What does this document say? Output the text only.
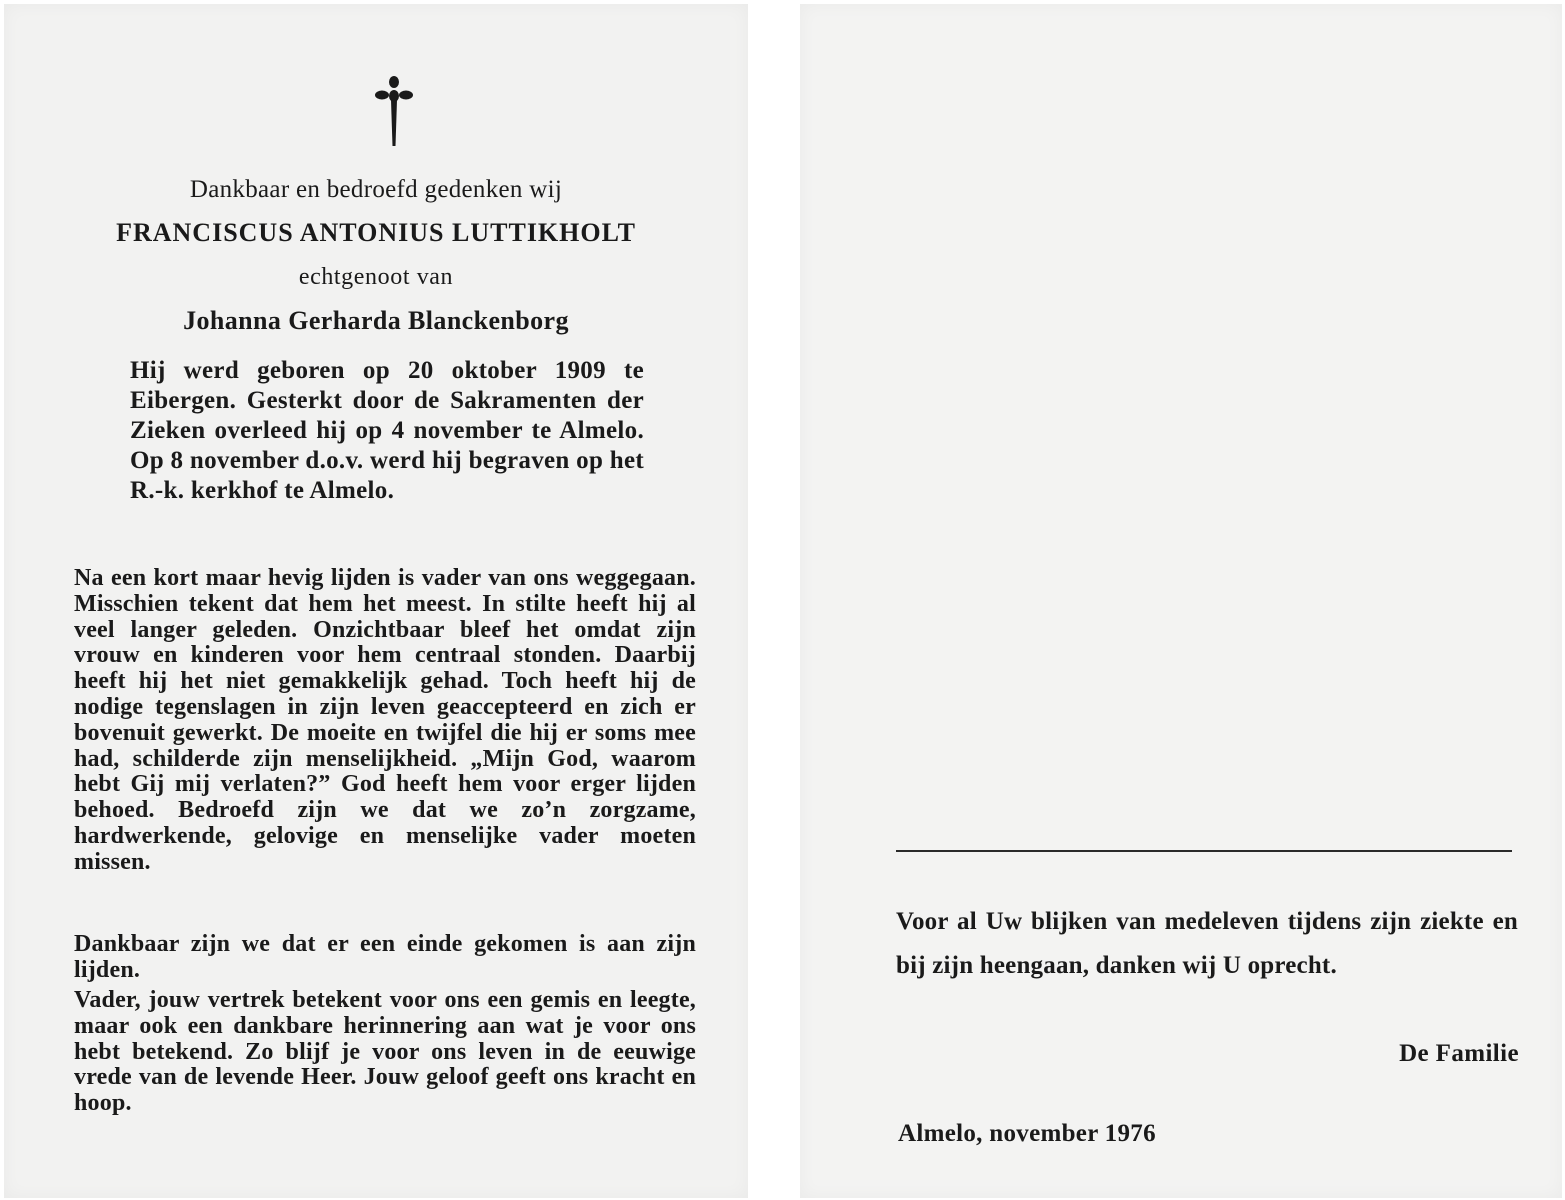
Dankbaar en bedroefd gedenken wij
FRANCISCUS ANTONIUS LUTTIKHOLT
echtgenoot van
Johanna Gerharda Blanckenborg
Hij werd geboren op 20 oktober 1909 te Eibergen. Gesterkt door de Sakramenten der Zieken overleed hij op 4 november te Almelo. Op 8 november d.o.v. werd hij begraven op het R.-k. kerkhof te Almelo.
Na een kort maar hevig lijden is vader van ons weggegaan. Misschien tekent dat hem het meest. In stilte heeft hij al veel langer geleden. Onzichtbaar bleef het omdat zijn vrouw en kinderen voor hem centraal stonden. Daarbij heeft hij het niet gemakkelijk gehad. Toch heeft hij de nodige tegenslagen in zijn leven geaccepteerd en zich er bovenuit gewerkt. De moeite en twijfel die hij er soms mee had, schilderde zijn menselijkheid. „Mijn God, waarom hebt Gij mij verlaten?” God heeft hem voor erger lijden behoed. Bedroefd zijn we dat we zo’n zorgzame, hardwerkende, gelovige en menselijke vader moeten missen.
Dankbaar zijn we dat er een einde gekomen is aan zijn lijden.
Vader, jouw vertrek betekent voor ons een gemis en leegte, maar ook een dankbare herinnering aan wat je voor ons hebt betekend. Zo blijf je voor ons leven in de eeuwige vrede van de levende Heer. Jouw geloof geeft ons kracht en hoop.
Voor al Uw blijken van medeleven tijdens zijn ziekte en bij zijn heengaan, danken wij U oprecht.
De Familie
Almelo, november 1976
